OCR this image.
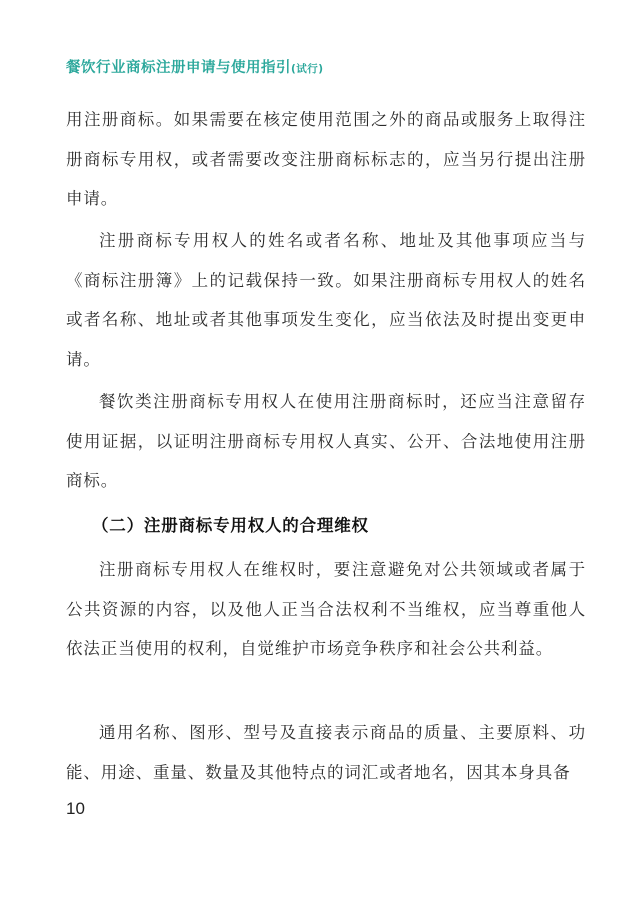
餐饮行业商标注册申请与使用指引(试行)

用注册商标。如果需要在核定使用范围之外的商品或服务上取得注册商标专用权，或者需要改变注册商标标志的，应当另行提出注册申请。

注册商标专用权人的姓名或者名称、地址及其他事项应当与《商标注册簿》上的记载保持一致。如果注册商标专用权人的姓名或者名称、地址或者其他事项发生变化，应当依法及时提出变更申请。

餐饮类注册商标专用权人在使用注册商标时，还应当注意留存使用证据，以证明注册商标专用权人真实、公开、合法地使用注册商标。

（二）注册商标专用权人的合理维权

注册商标专用权人在维权时，要注意避免对公共领域或者属于公共资源的内容，以及他人正当合法权利不当维权，应当尊重他人依法正当使用的权利，自觉维护市场竞争秩序和社会公共利益。

通用名称、图形、型号及直接表示商品的质量、主要原料、功能、用途、重量、数量及其他特点的词汇或者地名，因其本身具备

10
